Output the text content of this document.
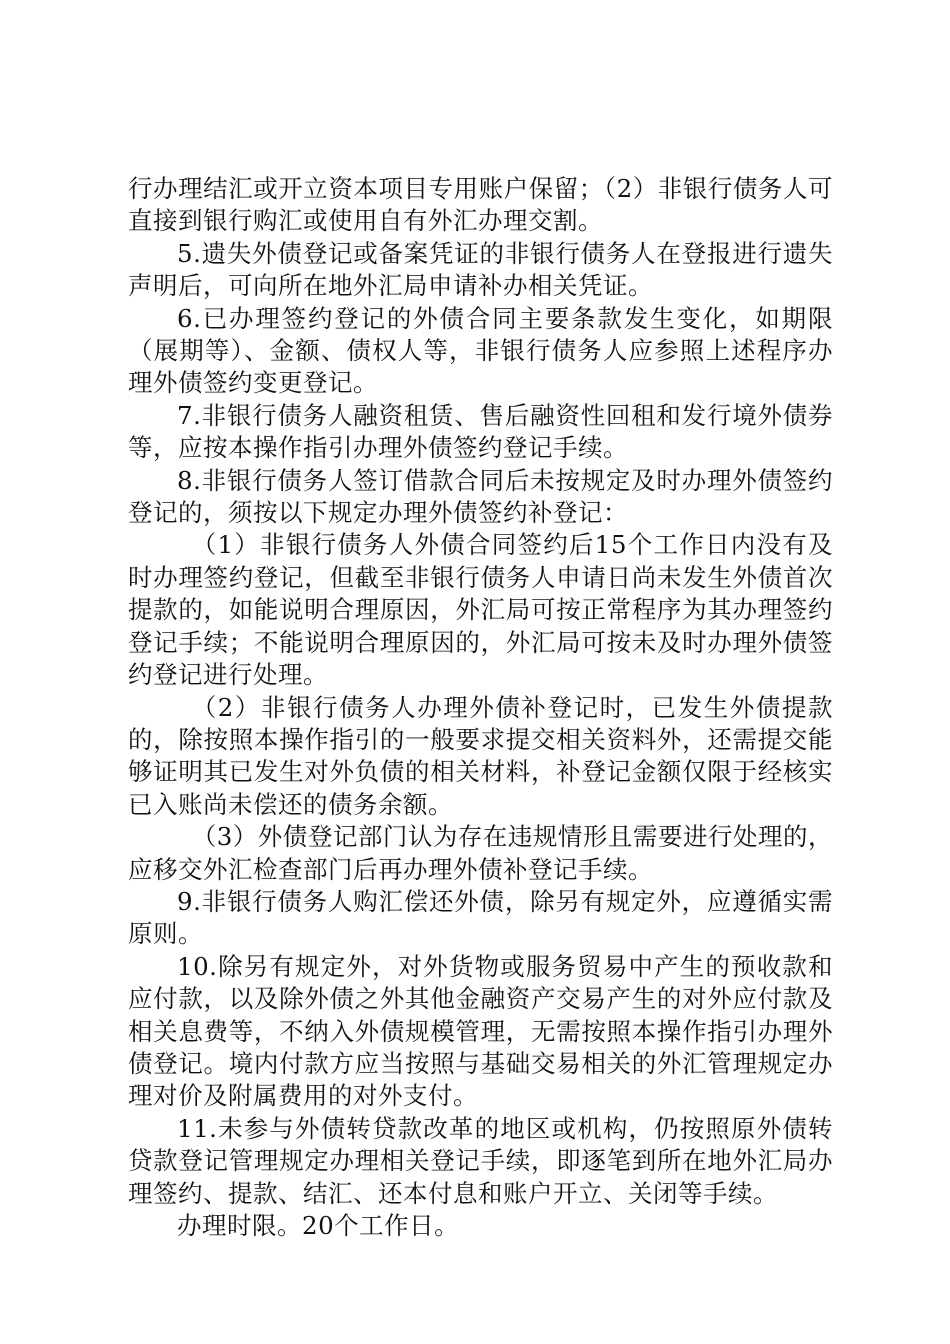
行办理结汇或开立资本项目专用账户保留；（2）非银行债务人可直接到银行购汇或使用自有外汇办理交割。

5.遗失外债登记或备案凭证的非银行债务人在登报进行遗失声明后，可向所在地外汇局申请补办相关凭证。

6.已办理签约登记的外债合同主要条款发生变化，如期限（展期等）、金额、债权人等，非银行债务人应参照上述程序办理外债签约变更登记。

7.非银行债务人融资租赁、售后融资性回租和发行境外债券等，应按本操作指引办理外债签约登记手续。

8.非银行债务人签订借款合同后未按规定及时办理外债签约登记的，须按以下规定办理外债签约补登记：

（1）非银行债务人外债合同签约后15个工作日内没有及时办理签约登记，但截至非银行债务人申请日尚未发生外债首次提款的，如能说明合理原因，外汇局可按正常程序为其办理签约登记手续；不能说明合理原因的，外汇局可按未及时办理外债签约登记进行处理。

（2）非银行债务人办理外债补登记时，已发生外债提款的，除按照本操作指引的一般要求提交相关资料外，还需提交能够证明其已发生对外负债的相关材料，补登记金额仅限于经核实已入账尚未偿还的债务余额。

（3）外债登记部门认为存在违规情形且需要进行处理的，应移交外汇检查部门后再办理外债补登记手续。

9.非银行债务人购汇偿还外债，除另有规定外，应遵循实需原则。

10.除另有规定外，对外货物或服务贸易中产生的预收款和应付款，以及除外债之外其他金融资产交易产生的对外应付款及相关息费等，不纳入外债规模管理，无需按照本操作指引办理外债登记。境内付款方应当按照与基础交易相关的外汇管理规定办理对价及附属费用的对外支付。

11.未参与外债转贷款改革的地区或机构，仍按照原外债转贷款登记管理规定办理相关登记手续，即逐笔到所在地外汇局办理签约、提款、结汇、还本付息和账户开立、关闭等手续。

办理时限。20个工作日。
